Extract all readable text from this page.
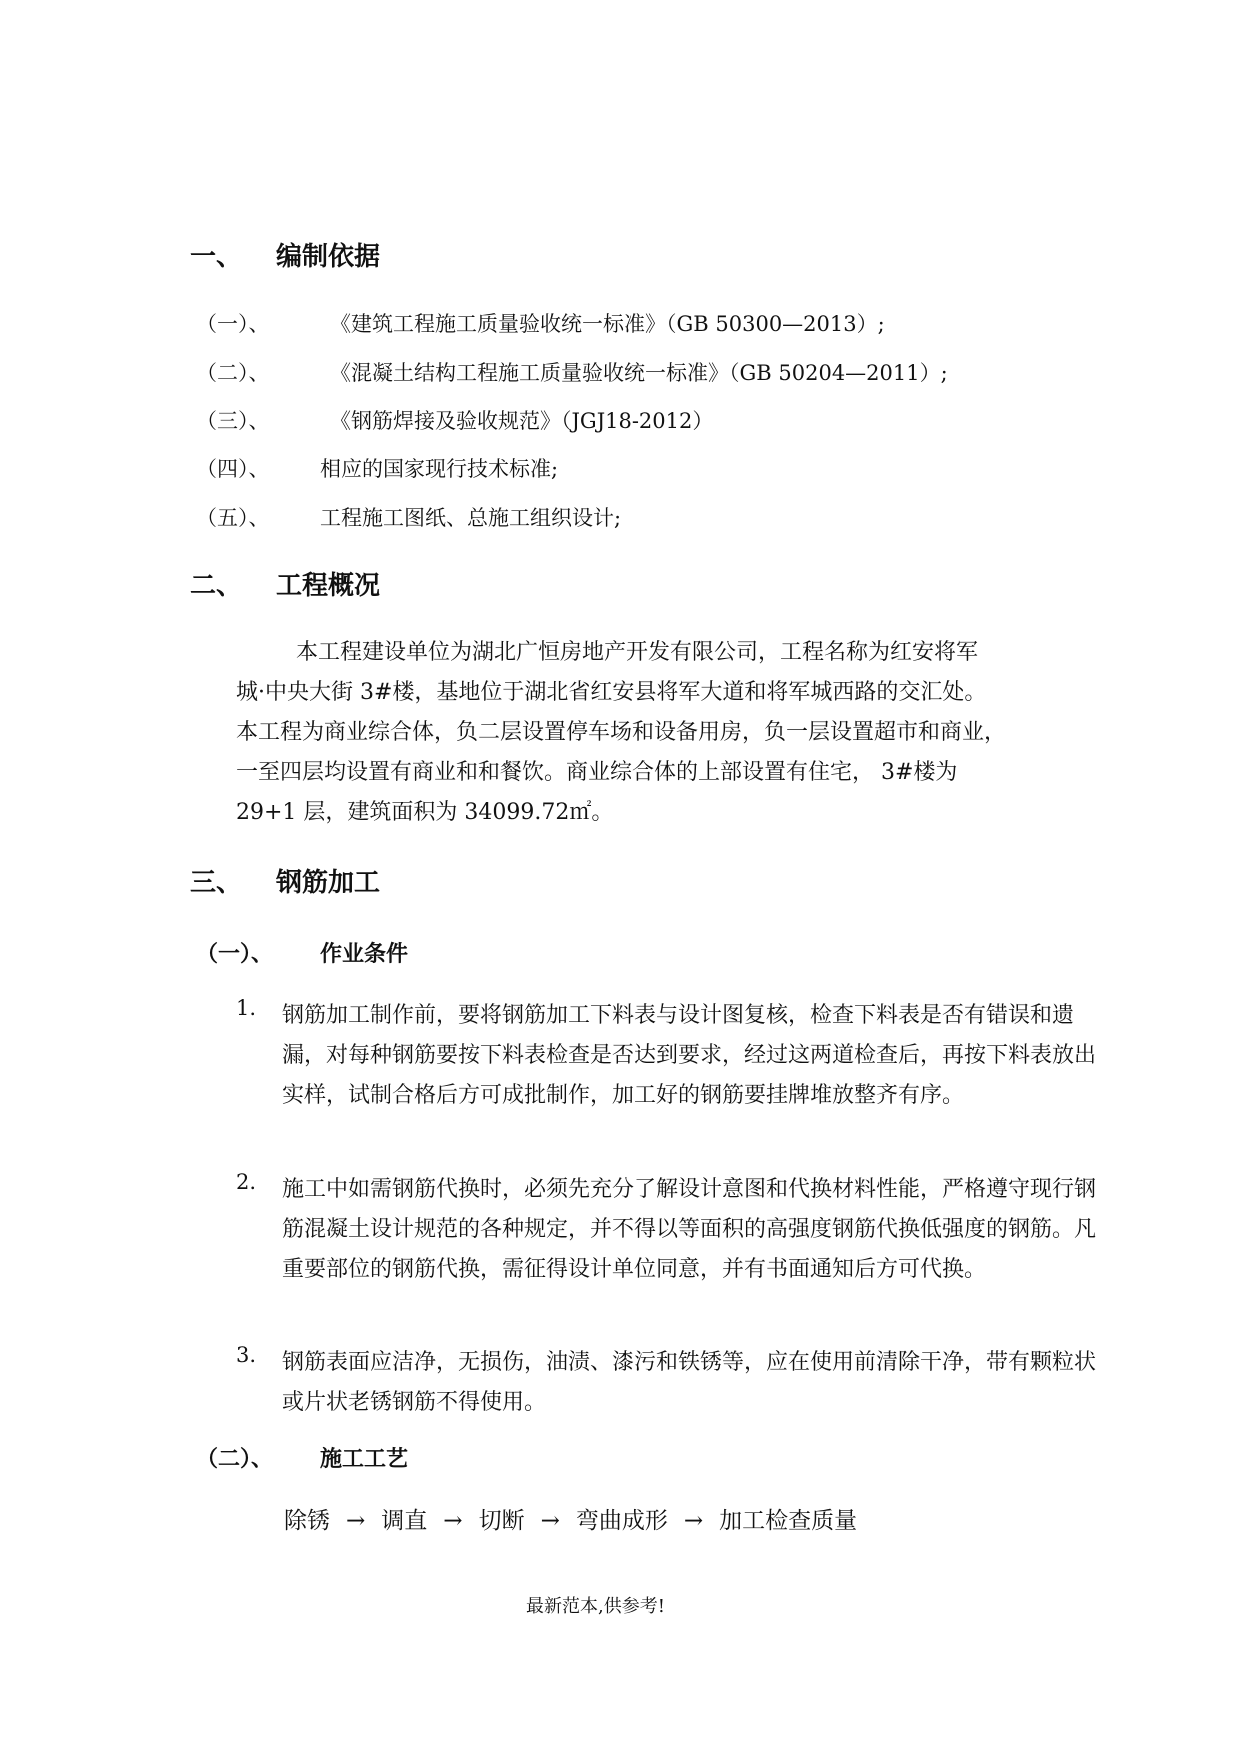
一、 编制依据
（一）、	《建筑工程施工质量验收统一标准》（GB 50300—2013）;
（二）、	《混凝土结构工程施工质量验收统一标准》（GB 50204—2011）;
（三）、	《钢筋焊接及验收规范》（JGJ18-2012）
（四）、 相应的国家现行技术标准;
（五）、 工程施工图纸、总施工组织设计;
二、 工程概况
本工程建设单位为湖北广恒房地产开发有限公司，工程名称为红安将军
城·中央大街 3#楼，基地位于湖北省红安县将军大道和将军城西路的交汇处。
本工程为商业综合体，负二层设置停车场和设备用房，负一层设置超市和商业，
一至四层均设置有商业和和餐饮。商业综合体的上部设置有住宅， 3#楼为
29+1 层，建筑面积为 34099.72㎡。
三、 钢筋加工
（一）、 作业条件
1. 钢筋加工制作前，要将钢筋加工下料表与设计图复核，检查下料表是否有错误和遗漏，对每种钢筋要按下料表检查是否达到要求，经过这两道检查后，再按下料表放出实样，试制合格后方可成批制作，加工好的钢筋要挂牌堆放整齐有序。
2. 施工中如需钢筋代换时，必须先充分了解设计意图和代换材料性能，严格遵守现行钢筋混凝土设计规范的各种规定，并不得以等面积的高强度钢筋代换低强度的钢筋。凡重要部位的钢筋代换，需征得设计单位同意，并有书面通知后方可代换。
3. 钢筋表面应洁净，无损伤，油渍、漆污和铁锈等，应在使用前清除干净，带有颗粒状或片状老锈钢筋不得使用。
（二）、 施工工艺
除锈 → 调直 → 切断 → 弯曲成形 → 加工检查质量
最新范本,供参考!
